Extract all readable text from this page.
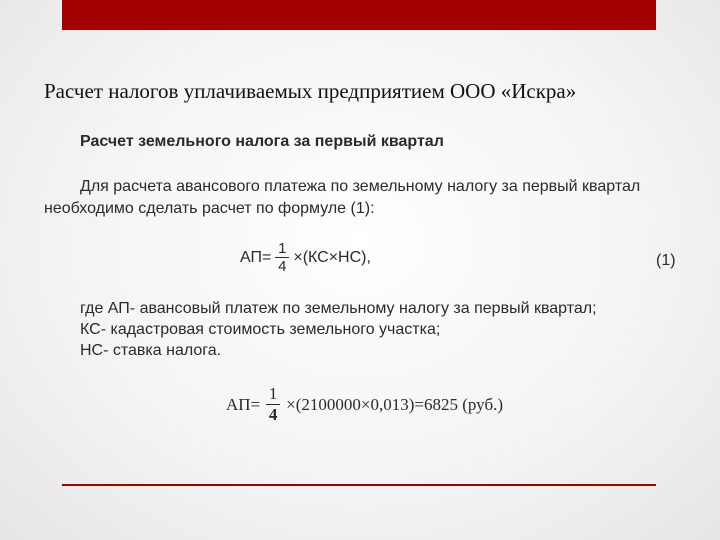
Расчет налогов уплачиваемых предприятием ООО «Искра»
Расчет земельного налога за первый квартал
Для расчета авансового платежа по земельному налогу за первый квартал
необходимо сделать расчет по формуле (1):
$АП= \frac{1}{4} \times(КС\times НС)$,	(1)
где АП- авансовый платеж по земельному налогу за первый квартал;
КС- кадастровая стоимость земельного участка;
НС- ставка налога.
$АП= \frac{1}{4} \times(2100000\times 0,013)=6825$ (руб.)
